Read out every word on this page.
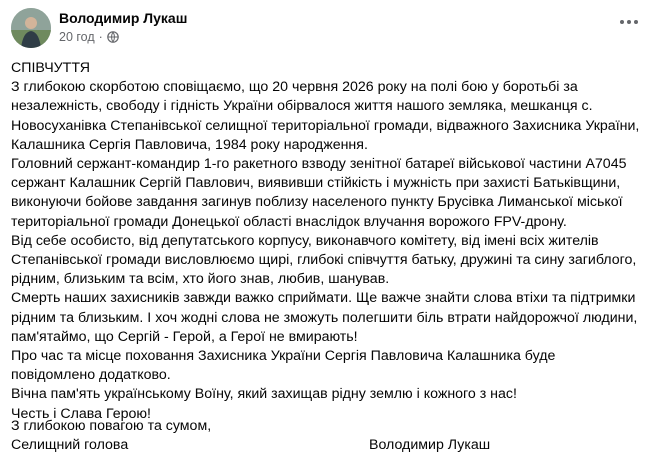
Володимир Лукаш
20 год ·

СПІВЧУТТЯ

З глибокою скорботою сповіщаємо, що 20 червня 2026 року на полі бою у боротьбі за незалежність, свободу і гідність України обірвалося життя нашого земляка, мешканця с. Новосуханівка Степанівської селищної територіальної громади, відважного Захисника України, Калашника Сергія Павловича, 1984 року народження.

Головний сержант-командир 1-го ракетного взводу зенітної батареї військової частини А7045 сержант Калашник Сергій Павлович, виявивши стійкість і мужність при захисті Батьківщини, виконуючи бойове завдання загинув поблизу населеного пункту Брусівка Лиманської міської територіальної громади Донецької області внаслідок влучання ворожого FPV-дрону.

Від себе особисто, від депутатського корпусу, виконавчого комітету, від імені всіх жителів Степанівської громади висловлюємо щирі, глибокі співчуття батьку, дружині та сину загиблого, рідним, близьким та всім, хто його знав, любив, шанував.

Смерть наших захисників завжди важко сприймати. Ще важче знайти слова втіхи та підтримки рідним та близьким. І хоч жодні слова не зможуть полегшити біль втрати найдорожчої людини, пам'ятаймо, що Сергій - Герой, а Герої не вмирають!

Про час та місце поховання Захисника України Сергія Павловича Калашника буде повідомлено додатково.

Вічна пам'ять українському Воїну, який захищав рідну землю і кожного з нас!

Честь і Слава Герою!

З глибокою повагою та сумом,
Селищний голова	Володимир Лукаш
